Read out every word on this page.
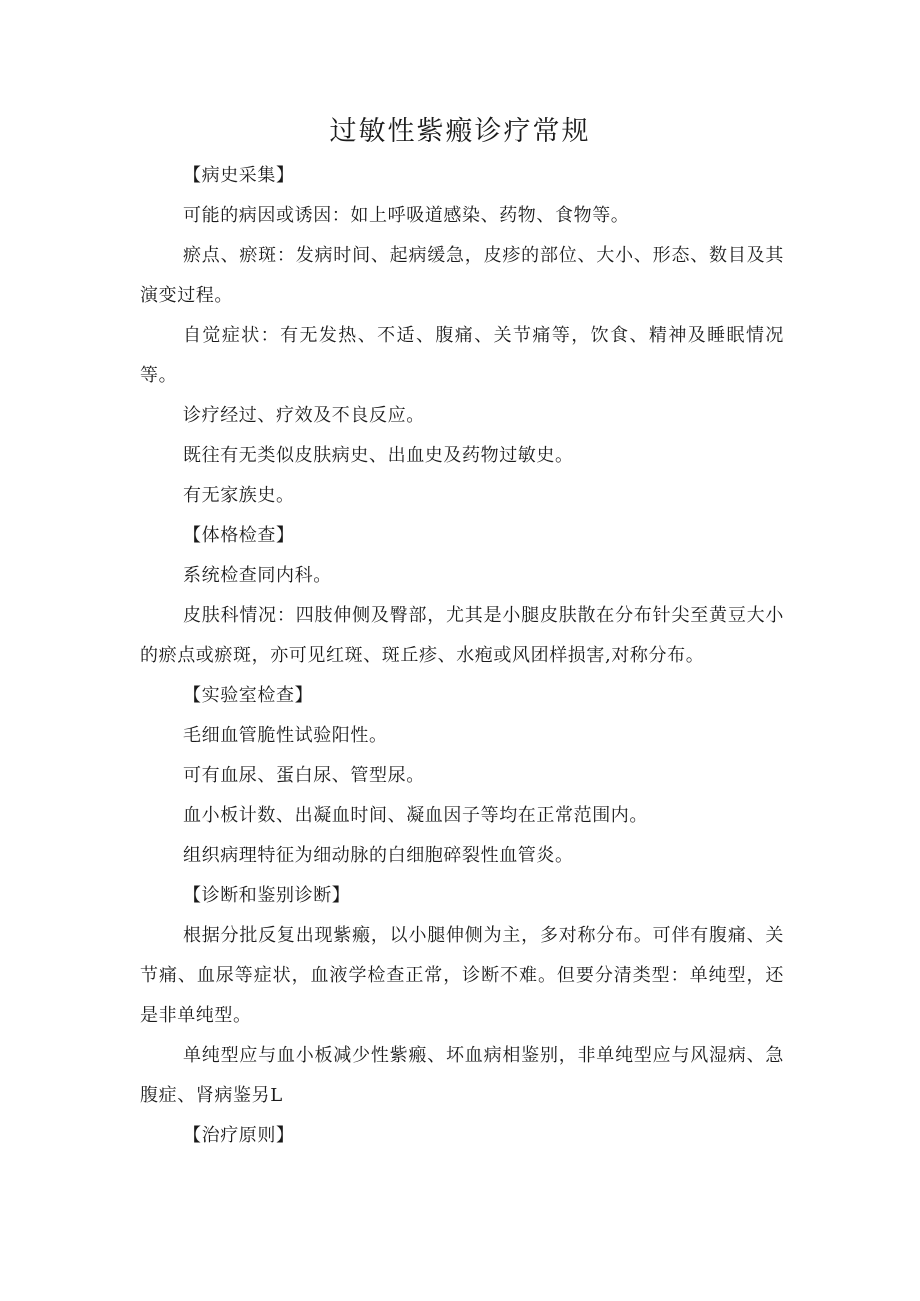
过敏性紫瘢诊疗常规

【病史采集】

可能的病因或诱因：如上呼吸道感染、药物、食物等。

瘀点、瘀斑：发病时间、起病缓急，皮疹的部位、大小、形态、数目及其演变过程。

自觉症状：有无发热、不适、腹痛、关节痛等，饮食、精神及睡眠情况等。

诊疗经过、疗效及不良反应。

既往有无类似皮肤病史、出血史及药物过敏史。

有无家族史。

【体格检查】

系统检查同内科。

皮肤科情况：四肢伸侧及臀部，尤其是小腿皮肤散在分布针尖至黄豆大小的瘀点或瘀斑，亦可见红斑、斑丘疹、水疱或风团样损害,对称分布。

【实验室检查】

毛细血管脆性试验阳性。

可有血尿、蛋白尿、管型尿。

血小板计数、出凝血时间、凝血因子等均在正常范围内。

组织病理特征为细动脉的白细胞碎裂性血管炎。

【诊断和鉴别诊断】

根据分批反复出现紫瘢，以小腿伸侧为主，多对称分布。可伴有腹痛、关节痛、血尿等症状，血液学检查正常，诊断不难。但要分清类型：单纯型，还是非单纯型。

单纯型应与血小板减少性紫瘢、坏血病相鉴别，非单纯型应与风湿病、急腹症、肾病鉴另L

【治疗原则】
